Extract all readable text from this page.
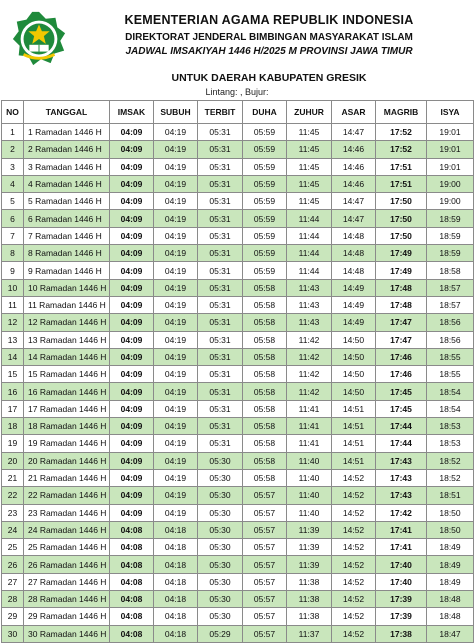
KEMENTERIAN AGAMA REPUBLIK INDONESIA
DIREKTORAT JENDERAL BIMBINGAN MASYARAKAT ISLAM
JADWAL IMSAKIYAH 1446 H/2025 M PROVINSI JAWA TIMUR
UNTUK DAERAH KABUPATEN GRESIK
Lintang: , Bujur:
NO	TANGGAL	IMSAK	SUBUH	TERBIT	DUHA	ZUHUR	ASAR	MAGRIB	ISYA
1	1 Ramadan 1446 H	04:09	04:19	05:31	05:59	11:45	14:47	17:52	19:01
2	2 Ramadan 1446 H	04:09	04:19	05:31	05:59	11:45	14:46	17:52	19:01
3	3 Ramadan 1446 H	04:09	04:19	05:31	05:59	11:45	14:46	17:51	19:01
4	4 Ramadan 1446 H	04:09	04:19	05:31	05:59	11:45	14:46	17:51	19:00
5	5 Ramadan 1446 H	04:09	04:19	05:31	05:59	11:45	14:47	17:50	19:00
6	6 Ramadan 1446 H	04:09	04:19	05:31	05:59	11:44	14:47	17:50	18:59
7	7 Ramadan 1446 H	04:09	04:19	05:31	05:59	11:44	14:48	17:50	18:59
8	8 Ramadan 1446 H	04:09	04:19	05:31	05:59	11:44	14:48	17:49	18:59
9	9 Ramadan 1446 H	04:09	04:19	05:31	05:59	11:44	14:48	17:49	18:58
10	10 Ramadan 1446 H	04:09	04:19	05:31	05:58	11:43	14:49	17:48	18:57
11	11 Ramadan 1446 H	04:09	04:19	05:31	05:58	11:43	14:49	17:48	18:57
12	12 Ramadan 1446 H	04:09	04:19	05:31	05:58	11:43	14:49	17:47	18:56
13	13 Ramadan 1446 H	04:09	04:19	05:31	05:58	11:42	14:50	17:47	18:56
14	14 Ramadan 1446 H	04:09	04:19	05:31	05:58	11:42	14:50	17:46	18:55
15	15 Ramadan 1446 H	04:09	04:19	05:31	05:58	11:42	14:50	17:46	18:55
16	16 Ramadan 1446 H	04:09	04:19	05:31	05:58	11:42	14:50	17:45	18:54
17	17 Ramadan 1446 H	04:09	04:19	05:31	05:58	11:41	14:51	17:45	18:54
18	18 Ramadan 1446 H	04:09	04:19	05:31	05:58	11:41	14:51	17:44	18:53
19	19 Ramadan 1446 H	04:09	04:19	05:31	05:58	11:41	14:51	17:44	18:53
20	20 Ramadan 1446 H	04:09	04:19	05:30	05:58	11:40	14:51	17:43	18:52
21	21 Ramadan 1446 H	04:09	04:19	05:30	05:58	11:40	14:52	17:43	18:52
22	22 Ramadan 1446 H	04:09	04:19	05:30	05:57	11:40	14:52	17:43	18:51
23	23 Ramadan 1446 H	04:09	04:19	05:30	05:57	11:40	14:52	17:42	18:50
24	24 Ramadan 1446 H	04:08	04:18	05:30	05:57	11:39	14:52	17:41	18:50
25	25 Ramadan 1446 H	04:08	04:18	05:30	05:57	11:39	14:52	17:41	18:49
26	26 Ramadan 1446 H	04:08	04:18	05:30	05:57	11:39	14:52	17:40	18:49
27	27 Ramadan 1446 H	04:08	04:18	05:30	05:57	11:38	14:52	17:40	18:49
28	28 Ramadan 1446 H	04:08	04:18	05:30	05:57	11:38	14:52	17:39	18:48
29	29 Ramadan 1446 H	04:08	04:18	05:30	05:57	11:38	14:52	17:39	18:48
30	30 Ramadan 1446 H	04:08	04:18	05:29	05:57	11:37	14:52	17:38	18:47
